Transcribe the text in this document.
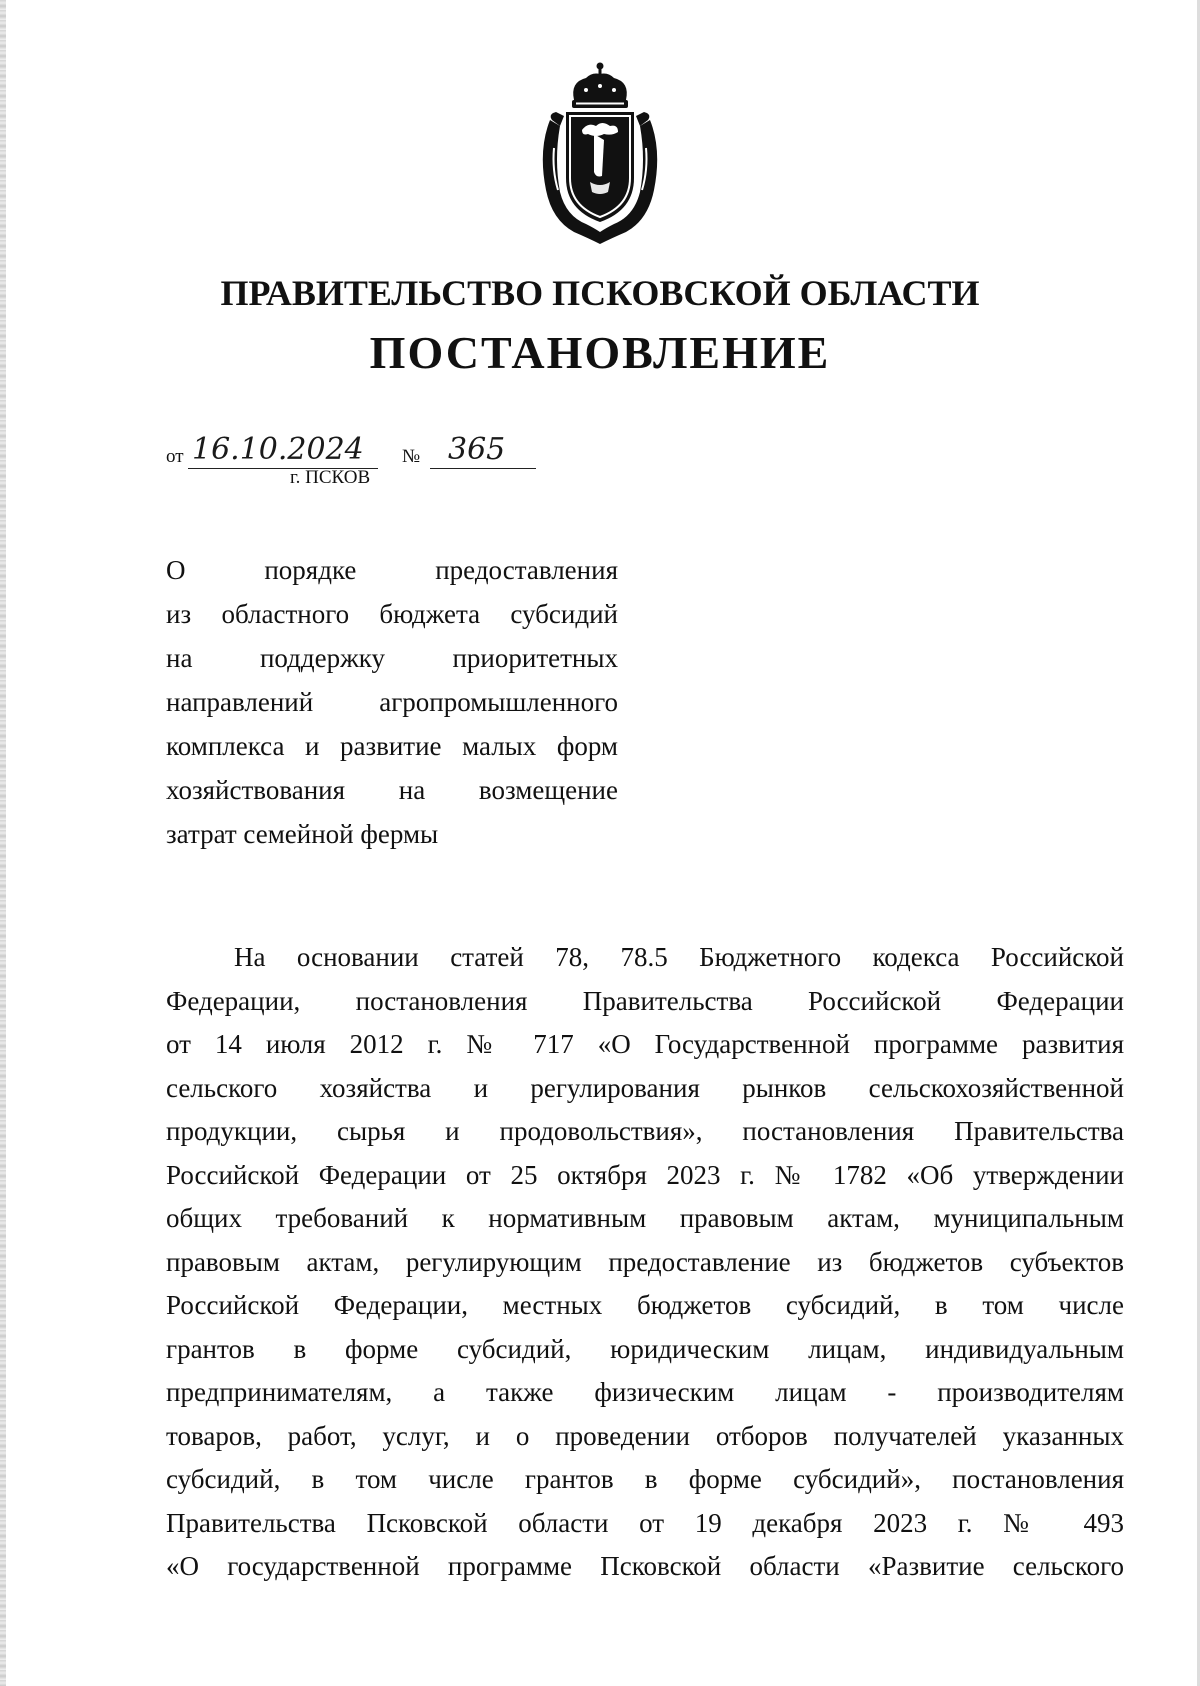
ПРАВИТЕЛЬСТВО ПСКОВСКОЙ ОБЛАСТИ
ПОСТАНОВЛЕНИЕ
от 16.10.2024 № 365
г. ПСКОВ
О порядке предоставления
из областного бюджета субсидий
на поддержку приоритетных
направлений агропромышленного
комплекса и развитие малых форм
хозяйствования на возмещение
затрат семейной фермы
На основании статей 78, 78.5 Бюджетного кодекса Российской
Федерации, постановления Правительства Российской Федерации
от 14 июля 2012 г. № 717 «О Государственной программе развития
сельского хозяйства и регулирования рынков сельскохозяйственной
продукции, сырья и продовольствия», постановления Правительства
Российской Федерации от 25 октября 2023 г. № 1782 «Об утверждении
общих требований к нормативным правовым актам, муниципальным
правовым актам, регулирующим предоставление из бюджетов субъектов
Российской Федерации, местных бюджетов субсидий, в том числе
грантов в форме субсидий, юридическим лицам, индивидуальным
предпринимателям, а также физическим лицам - производителям
товаров, работ, услуг, и о проведении отборов получателей указанных
субсидий, в том числе грантов в форме субсидий», постановления
Правительства Псковской области от 19 декабря 2023 г. № 493
«О государственной программе Псковской области «Развитие сельского
